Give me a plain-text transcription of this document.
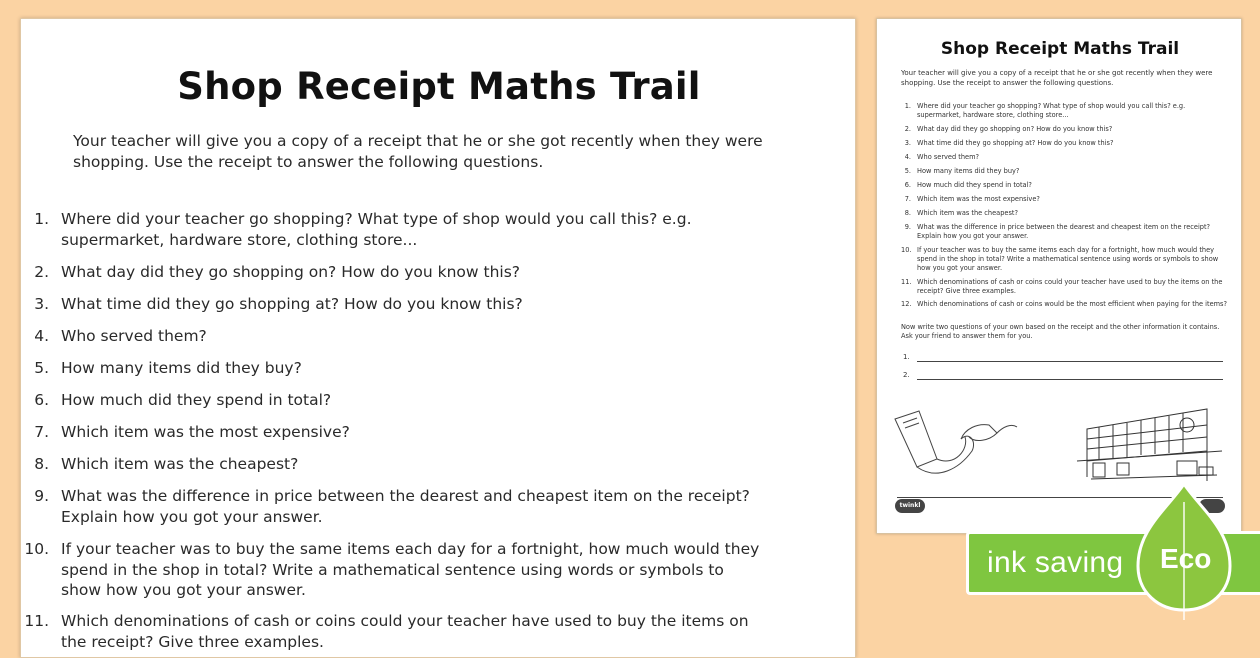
Shop Receipt Maths Trail
Your teacher will give you a copy of a receipt that he or she got recently when they were shopping. Use the receipt to answer the following questions.
1. Where did your teacher go shopping? What type of shop would you call this? e.g. supermarket, hardware store, clothing store...
2. What day did they go shopping on? How do you know this?
3. What time did they go shopping at? How do you know this?
4. Who served them?
5. How many items did they buy?
6. How much did they spend in total?
7. Which item was the most expensive?
8. Which item was the cheapest?
9. What was the difference in price between the dearest and cheapest item on the receipt? Explain how you got your answer.
10. If your teacher was to buy the same items each day for a fortnight, how much would they spend in the shop in total? Write a mathematical sentence using words or symbols to show how you got your answer.
11. Which denominations of cash or coins could your teacher have used to buy the items on the receipt? Give three examples.
Shop Receipt Maths Trail
Your teacher will give you a copy of a receipt that he or she got recently when they were shopping. Use the receipt to answer the following questions.
1. Where did your teacher go shopping? What type of shop would you call this? e.g. supermarket, hardware store, clothing store...
2. What day did they go shopping on? How do you know this?
3. What time did they go shopping at? How do you know this?
4. Who served them?
5. How many items did they buy?
6. How much did they spend in total?
7. Which item was the most expensive?
8. Which item was the cheapest?
9. What was the difference in price between the dearest and cheapest item on the receipt? Explain how you got your answer.
10. If your teacher was to buy the same items each day for a fortnight, how much would they spend in the shop in total? Write a mathematical sentence using words or symbols to show how you got your answer.
11. Which denominations of cash or coins could your teacher have used to buy the items on the receipt? Give three examples.
12. Which denominations of cash or coins would be the most efficient when paying for the items?
Now write two questions of your own based on the receipt and the other information it contains. Ask your friend to answer them for you.
1.
2.
twinkl
ink saving Eco
